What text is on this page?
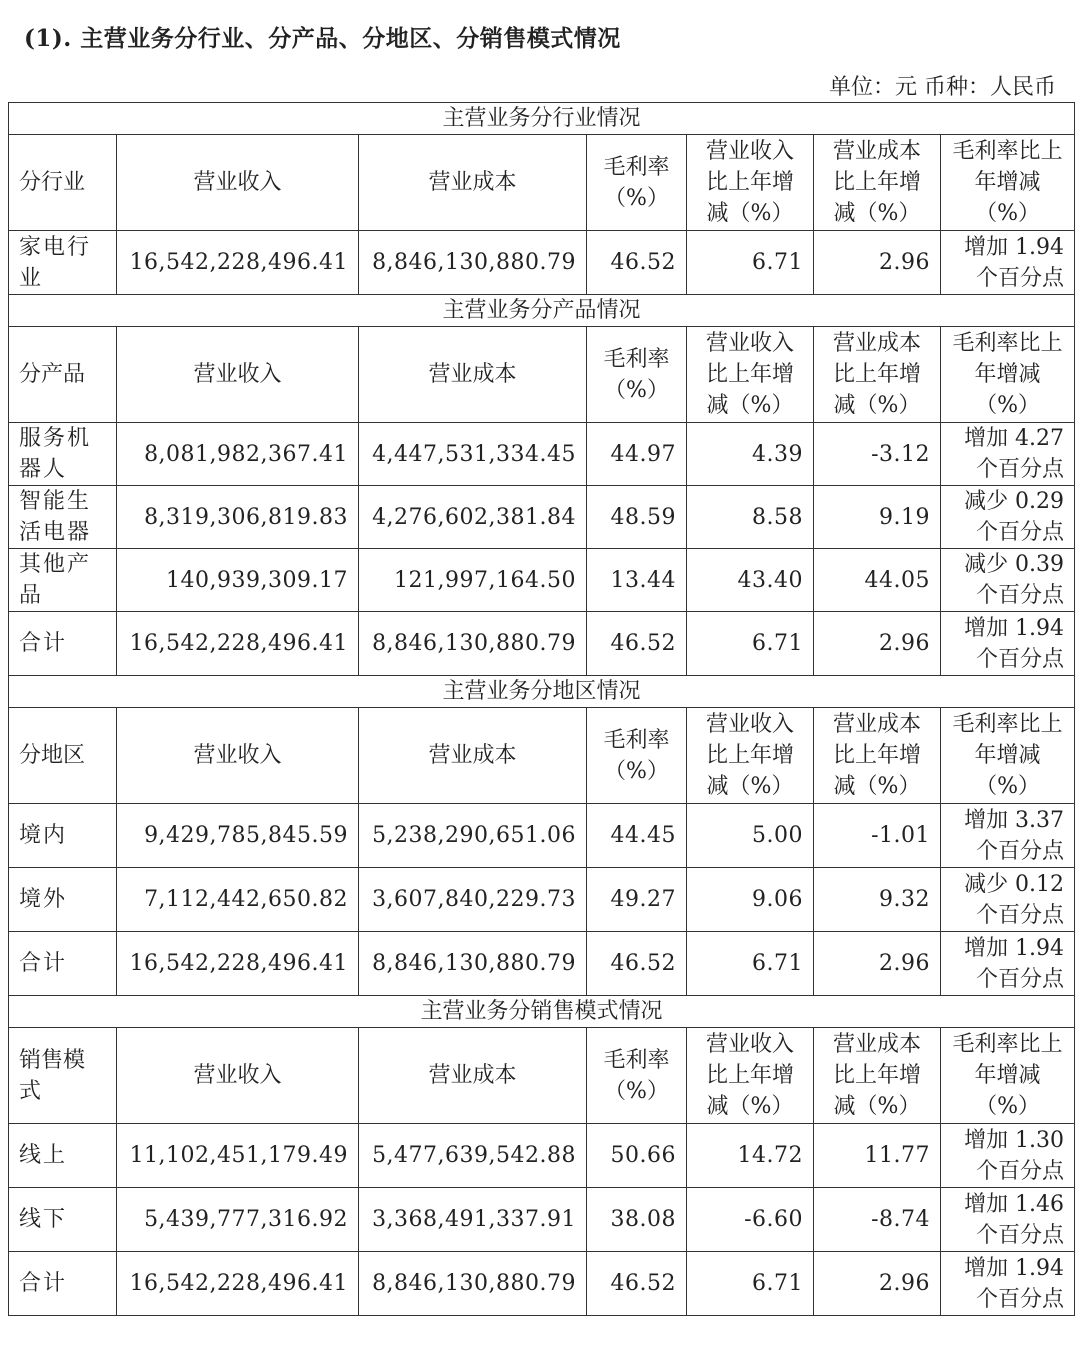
(1). 主营业务分行业、分产品、分地区、分销售模式情况
单位：元 币种：人民币
主营业务分行业情况						
分行业	营业收入	营业成本	毛利率（%）	营业收入比上年增减（%）	营业成本比上年增减（%）	毛利率比上年增减（%）
家电行业	16,542,228,496.41	8,846,130,880.79	46.52	6.71	2.96	增加 1.94 个百分点
主营业务分产品情况						
分产品	营业收入	营业成本	毛利率（%）	营业收入比上年增减（%）	营业成本比上年增减（%）	毛利率比上年增减（%）
服务机器人	8,081,982,367.41	4,447,531,334.45	44.97	4.39	-3.12	增加 4.27 个百分点
智能生活电器	8,319,306,819.83	4,276,602,381.84	48.59	8.58	9.19	减少 0.29 个百分点
其他产品	140,939,309.17	121,997,164.50	13.44	43.40	44.05	减少 0.39 个百分点
合计	16,542,228,496.41	8,846,130,880.79	46.52	6.71	2.96	增加 1.94 个百分点
主营业务分地区情况						
分地区	营业收入	营业成本	毛利率（%）	营业收入比上年增减（%）	营业成本比上年增减（%）	毛利率比上年增减（%）
境内	9,429,785,845.59	5,238,290,651.06	44.45	5.00	-1.01	增加 3.37 个百分点
境外	7,112,442,650.82	3,607,840,229.73	49.27	9.06	9.32	减少 0.12 个百分点
合计	16,542,228,496.41	8,846,130,880.79	46.52	6.71	2.96	增加 1.94 个百分点
主营业务分销售模式情况						
销售模式	营业收入	营业成本	毛利率（%）	营业收入比上年增减（%）	营业成本比上年增减（%）	毛利率比上年增减（%）
线上	11,102,451,179.49	5,477,639,542.88	50.66	14.72	11.77	增加 1.30 个百分点
线下	5,439,777,316.92	3,368,491,337.91	38.08	-6.60	-8.74	增加 1.46 个百分点
合计	16,542,228,496.41	8,846,130,880.79	46.52	6.71	2.96	增加 1.94 个百分点
